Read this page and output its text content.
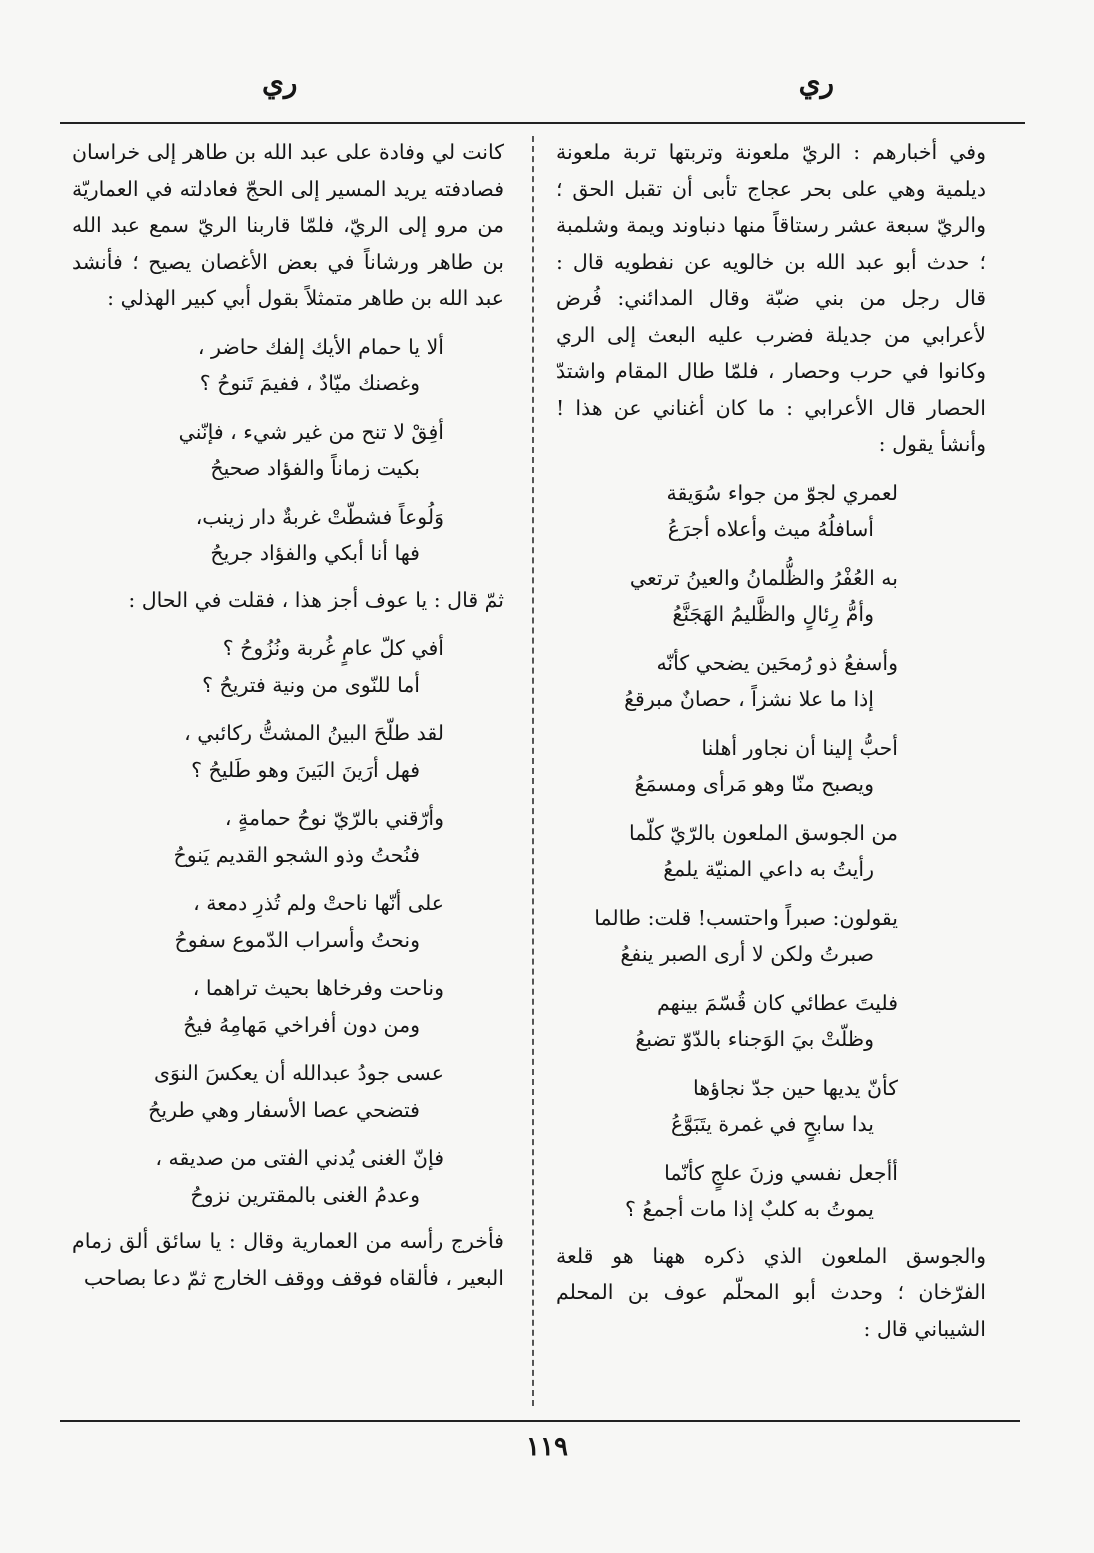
ري
ري

وفي أخبارهم : الريّ ملعونة وتربتها تربة ملعونة ديلمية وهي على بحر عجاج تأبى أن تقبل الحق ؛ والريّ سبعة عشر رستاقاً منها دنباوند ويمة وشلمبة ؛ حدث أبو عبد الله بن خالويه عن نفطويه قال : قال رجل من بني ضبّة وقال المدائني: فُرض لأعرابي من جديلة فضرب عليه البعث إلى الري وكانوا في حرب وحصار ، فلمّا طال المقام واشتدّ الحصار قال الأعرابي : ما كان أغناني عن هذا ! وأنشأ يقول :

لعمري لجوّ من جواء سُوَيقة
أسافلُهُ ميث وأعلاه أجرَعُ
به العُفْرُ والظُّلمانُ والعينُ ترتعي
وأمُّ رِئالٍ والظَّليمُ الهَجَنَّعُ
وأسفعُ ذو رُمحَين يضحي كأنّه
إذا ما علا نشزاً ، حصانٌ مبرقعُ
أحبُّ إلينا أن نجاور أهلنا
ويصبح منّا وهو مَرأى ومسمَعُ
من الجوسق الملعون بالرّيّ كلّما
رأيتُ به داعي المنيّة يلمعُ
يقولون: صبراً واحتسب! قلت: طالما
صبرتُ ولكن لا أرى الصبر ينفعُ
فليتَ عطائي كان قُسّمَ بينهم
وظلّتْ بيَ الوَجناء بالدّوّ تضبعُ
كأنّ يديها حين جدّ نجاؤها
يدا سابحٍ في غمرة يتَبَوَّعُ
أأجعل نفسي وزنَ علجٍ كأنّما
يموتُ به كلبٌ إذا مات أجمعُ ؟

والجوسق الملعون الذي ذكره ههنا هو قلعة الفرّخان ؛ وحدث أبو المحلّم عوف بن المحلم الشيباني قال :

كانت لي وفادة على عبد الله بن طاهر إلى خراسان فصادفته يريد المسير إلى الحجّ فعادلته في العماريّة من مرو إلى الريّ، فلمّا قاربنا الريّ سمع عبد الله بن طاهر ورشاناً في بعض الأغصان يصيح ؛ فأنشد عبد الله بن طاهر متمثلاً بقول أبي كبير الهذلي :

ألا يا حمام الأيك إلفك حاضر ،
وغصنك ميّادٌ ، ففيمَ تَنوحُ ؟
أفِقْ لا تنح من غير شيء ، فإنّني
بكيت زماناً والفؤاد صحيحُ
وَلُوعاً فشطّتْ غربةٌ دار زينب،
فها أنا أبكي والفؤاد جريحُ

ثمّ قال : يا عوف أجز هذا ، فقلت في الحال :

أفي كلّ عامٍ غُربة ونُزُوحُ ؟
أما للنّوى من ونية فتريحُ ؟
لقد طلّحَ البينُ المشتُّ ركائبي ،
فهل أرَينَ البَينَ وهو طَليحُ ؟
وأرّقني بالرّيّ نوحُ حمامةٍ ،
فنُحتُ وذو الشجو القديم يَنوحُ
على أنّها ناحتْ ولم تُذرِ دمعة ،
ونحتُ وأسراب الدّموع سفوحُ
وناحت وفرخاها بحيث تراهما ،
ومن دون أفراخي مَهامِهُ فيحُ
عسى جودُ عبدالله أن يعكسَ النوَى
فتضحي عصا الأسفار وهي طريحُ
فإنّ الغنى يُدني الفتى من صديقه ،
وعدمُ الغنى بالمقترين نزوحُ

فأخرج رأسه من العمارية وقال : يا سائق ألق زمام البعير ، فألقاه فوقف ووقف الخارج ثمّ دعا بصاحب

١١٩
